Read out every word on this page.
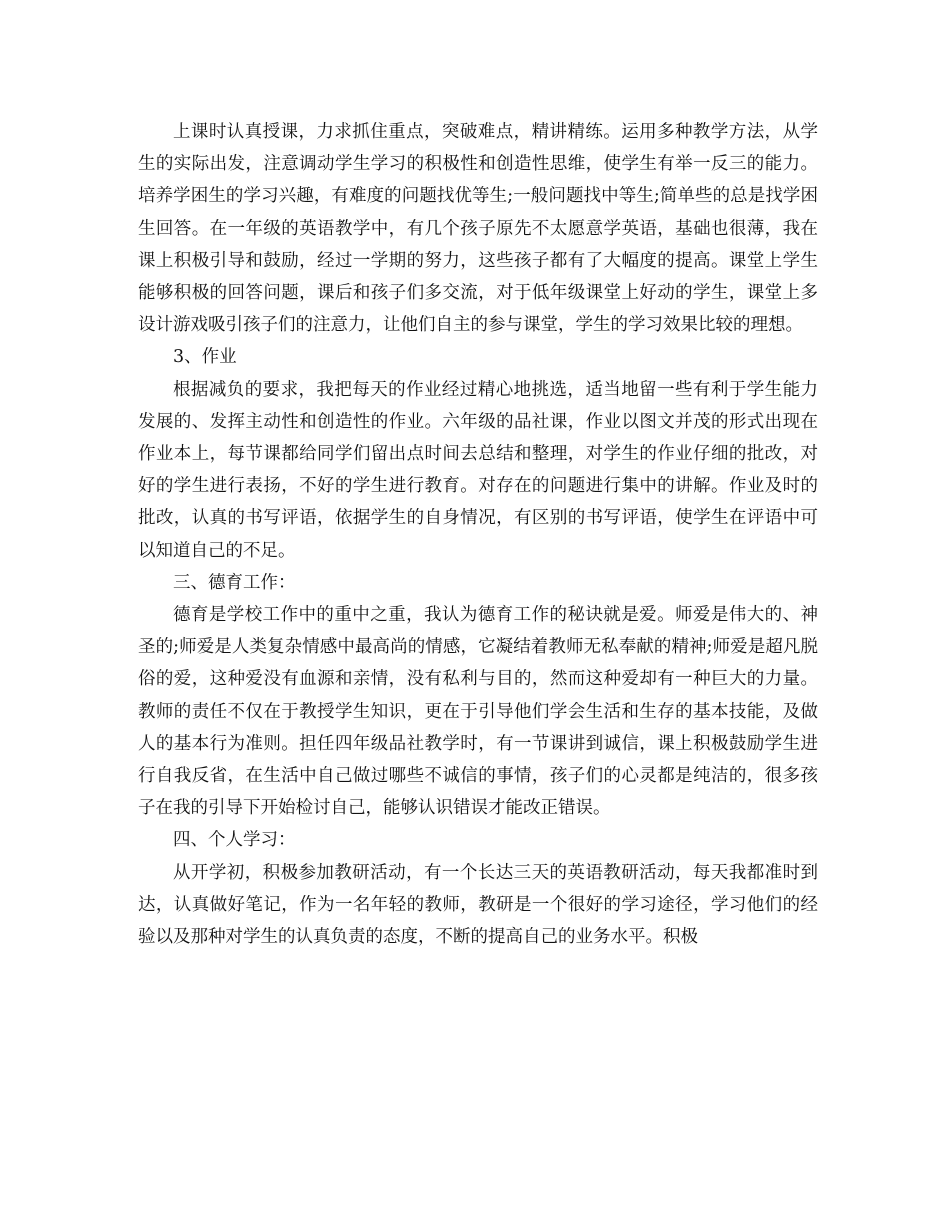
上课时认真授课，力求抓住重点，突破难点，精讲精练。运用多种教学方法，从学生的实际出发，注意调动学生学习的积极性和创造性思维，使学生有举一反三的能力。培养学困生的学习兴趣，有难度的问题找优等生;一般问题找中等生;简单些的总是找学困生回答。在一年级的英语教学中，有几个孩子原先不太愿意学英语，基础也很薄，我在课上积极引导和鼓励，经过一学期的努力，这些孩子都有了大幅度的提高。课堂上学生能够积极的回答问题，课后和孩子们多交流，对于低年级课堂上好动的学生，课堂上多设计游戏吸引孩子们的注意力，让他们自主的参与课堂，学生的学习效果比较的理想。

3、作业

根据减负的要求，我把每天的作业经过精心地挑选，适当地留一些有利于学生能力发展的、发挥主动性和创造性的作业。六年级的品社课，作业以图文并茂的形式出现在作业本上，每节课都给同学们留出点时间去总结和整理，对学生的作业仔细的批改，对好的学生进行表扬，不好的学生进行教育。对存在的问题进行集中的讲解。作业及时的批改，认真的书写评语，依据学生的自身情况，有区别的书写评语，使学生在评语中可以知道自己的不足。

三、德育工作：

德育是学校工作中的重中之重，我认为德育工作的秘诀就是爱。师爱是伟大的、神圣的;师爱是人类复杂情感中最高尚的情感，它凝结着教师无私奉献的精神;师爱是超凡脱俗的爱，这种爱没有血源和亲情，没有私利与目的，然而这种爱却有一种巨大的力量。教师的责任不仅在于教授学生知识，更在于引导他们学会生活和生存的基本技能，及做人的基本行为准则。担任四年级品社教学时，有一节课讲到诚信，课上积极鼓励学生进行自我反省，在生活中自己做过哪些不诚信的事情，孩子们的心灵都是纯洁的，很多孩子在我的引导下开始检讨自己，能够认识错误才能改正错误。

四、个人学习：

从开学初，积极参加教研活动，有一个长达三天的英语教研活动，每天我都准时到达，认真做好笔记，作为一名年轻的教师，教研是一个很好的学习途径，学习他们的经验以及那种对学生的认真负责的态度，不断的提高自己的业务水平。积极
